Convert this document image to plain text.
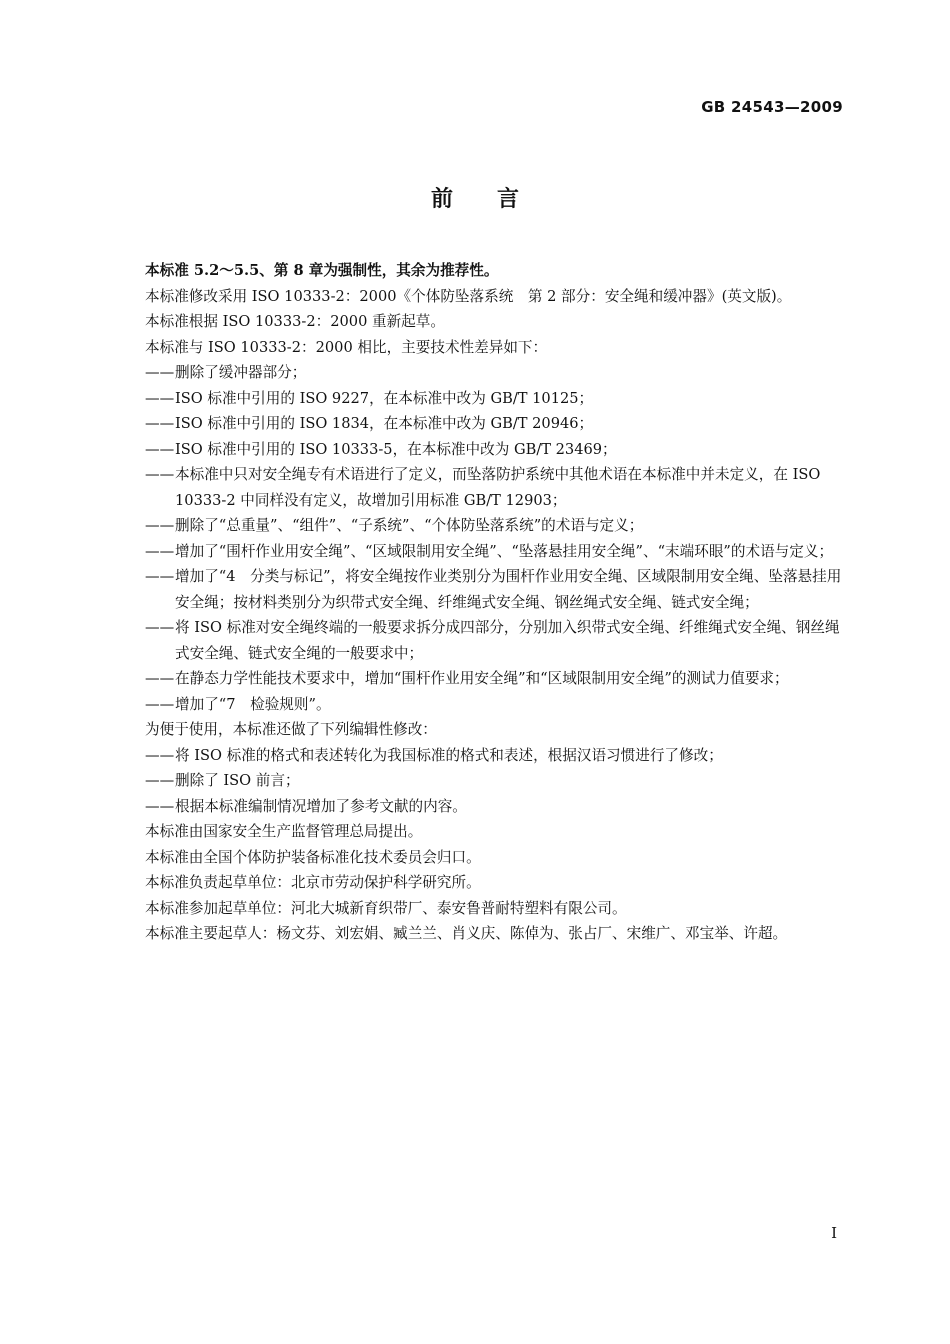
GB 24543—2009
前 言

本标准 5.2～5.5、第 8 章为强制性，其余为推荐性。

本标准修改采用 ISO 10333-2：2000《个体防坠落系统　第 2 部分：安全绳和缓冲器》(英文版)。

本标准根据 ISO 10333-2：2000 重新起草。

本标准与 ISO 10333-2：2000 相比，主要技术性差异如下：

—— 删除了缓冲器部分；

—— ISO 标准中引用的 ISO 9227，在本标准中改为 GB/T 10125；

—— ISO 标准中引用的 ISO 1834，在本标准中改为 GB/T 20946；

—— ISO 标准中引用的 ISO 10333-5，在本标准中改为 GB/T 23469；

—— 本标准中只对安全绳专有术语进行了定义，而坠落防护系统中其他术语在本标准中并未定义，在 ISO 10333-2 中同样没有定义，故增加引用标准 GB/T 12903；

—— 删除了“总重量”、“组件”、“子系统”、“个体防坠落系统”的术语与定义；

—— 增加了“围杆作业用安全绳”、“区域限制用安全绳”、“坠落悬挂用安全绳”、“末端环眼”的术语与定义；

—— 增加了“4　分类与标记”，将安全绳按作业类别分为围杆作业用安全绳、区域限制用安全绳、坠落悬挂用安全绳；按材料类别分为织带式安全绳、纤维绳式安全绳、钢丝绳式安全绳、链式安全绳；

—— 将 ISO 标准对安全绳终端的一般要求拆分成四部分，分别加入织带式安全绳、纤维绳式安全绳、钢丝绳式安全绳、链式安全绳的一般要求中；

—— 在静态力学性能技术要求中，增加“围杆作业用安全绳”和“区域限制用安全绳”的测试力值要求；

—— 增加了“7　检验规则”。

为便于使用，本标准还做了下列编辑性修改：

—— 将 ISO 标准的格式和表述转化为我国标准的格式和表述，根据汉语习惯进行了修改；

—— 删除了 ISO 前言；

—— 根据本标准编制情况增加了参考文献的内容。

本标准由国家安全生产监督管理总局提出。

本标准由全国个体防护装备标准化技术委员会归口。

本标准负责起草单位：北京市劳动保护科学研究所。

本标准参加起草单位：河北大城新育织带厂、泰安鲁普耐特塑料有限公司。

本标准主要起草人：杨文芬、刘宏娟、臧兰兰、肖义庆、陈倬为、张占厂、宋维广、邓宝举、许超。

I
